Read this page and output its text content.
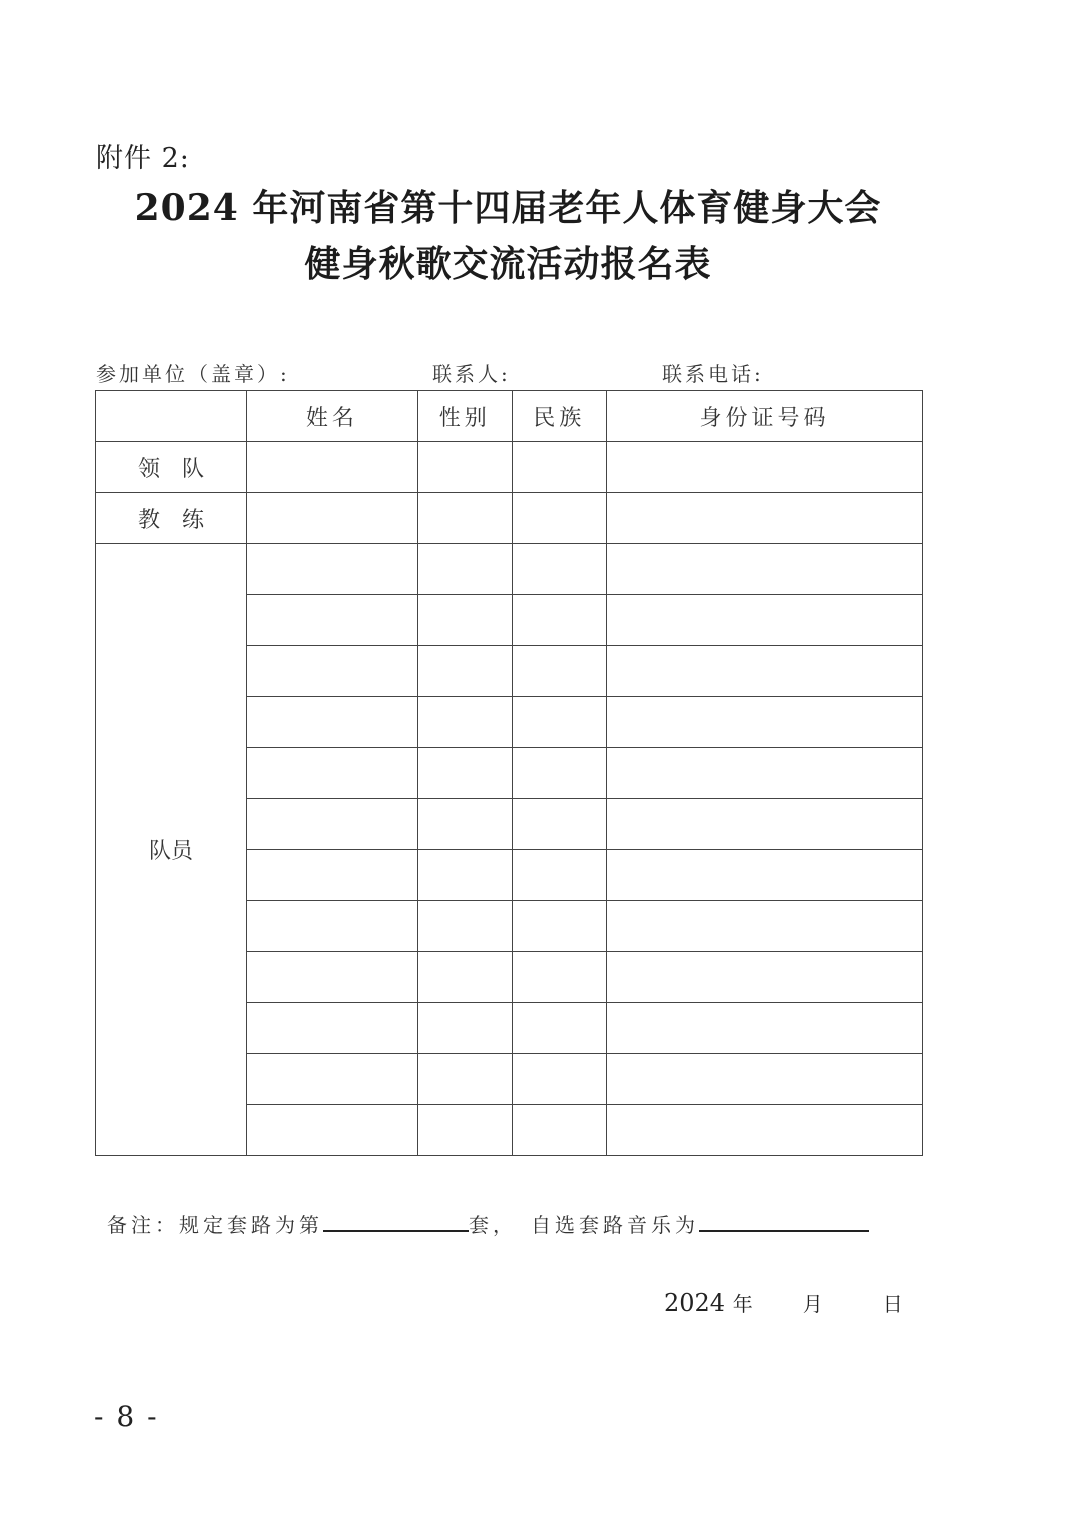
附件 2:
2024 年河南省第十四届老年人体育健身大会
健身秋歌交流活动报名表
参加单位（盖章）:	联系人:	联系电话:
	姓名	性别	民族	身份证号码
领　队				
教　练				
队员				

备注：规定套路为第	套，　自选套路音乐为
2024 年 月	日
- 8 -
